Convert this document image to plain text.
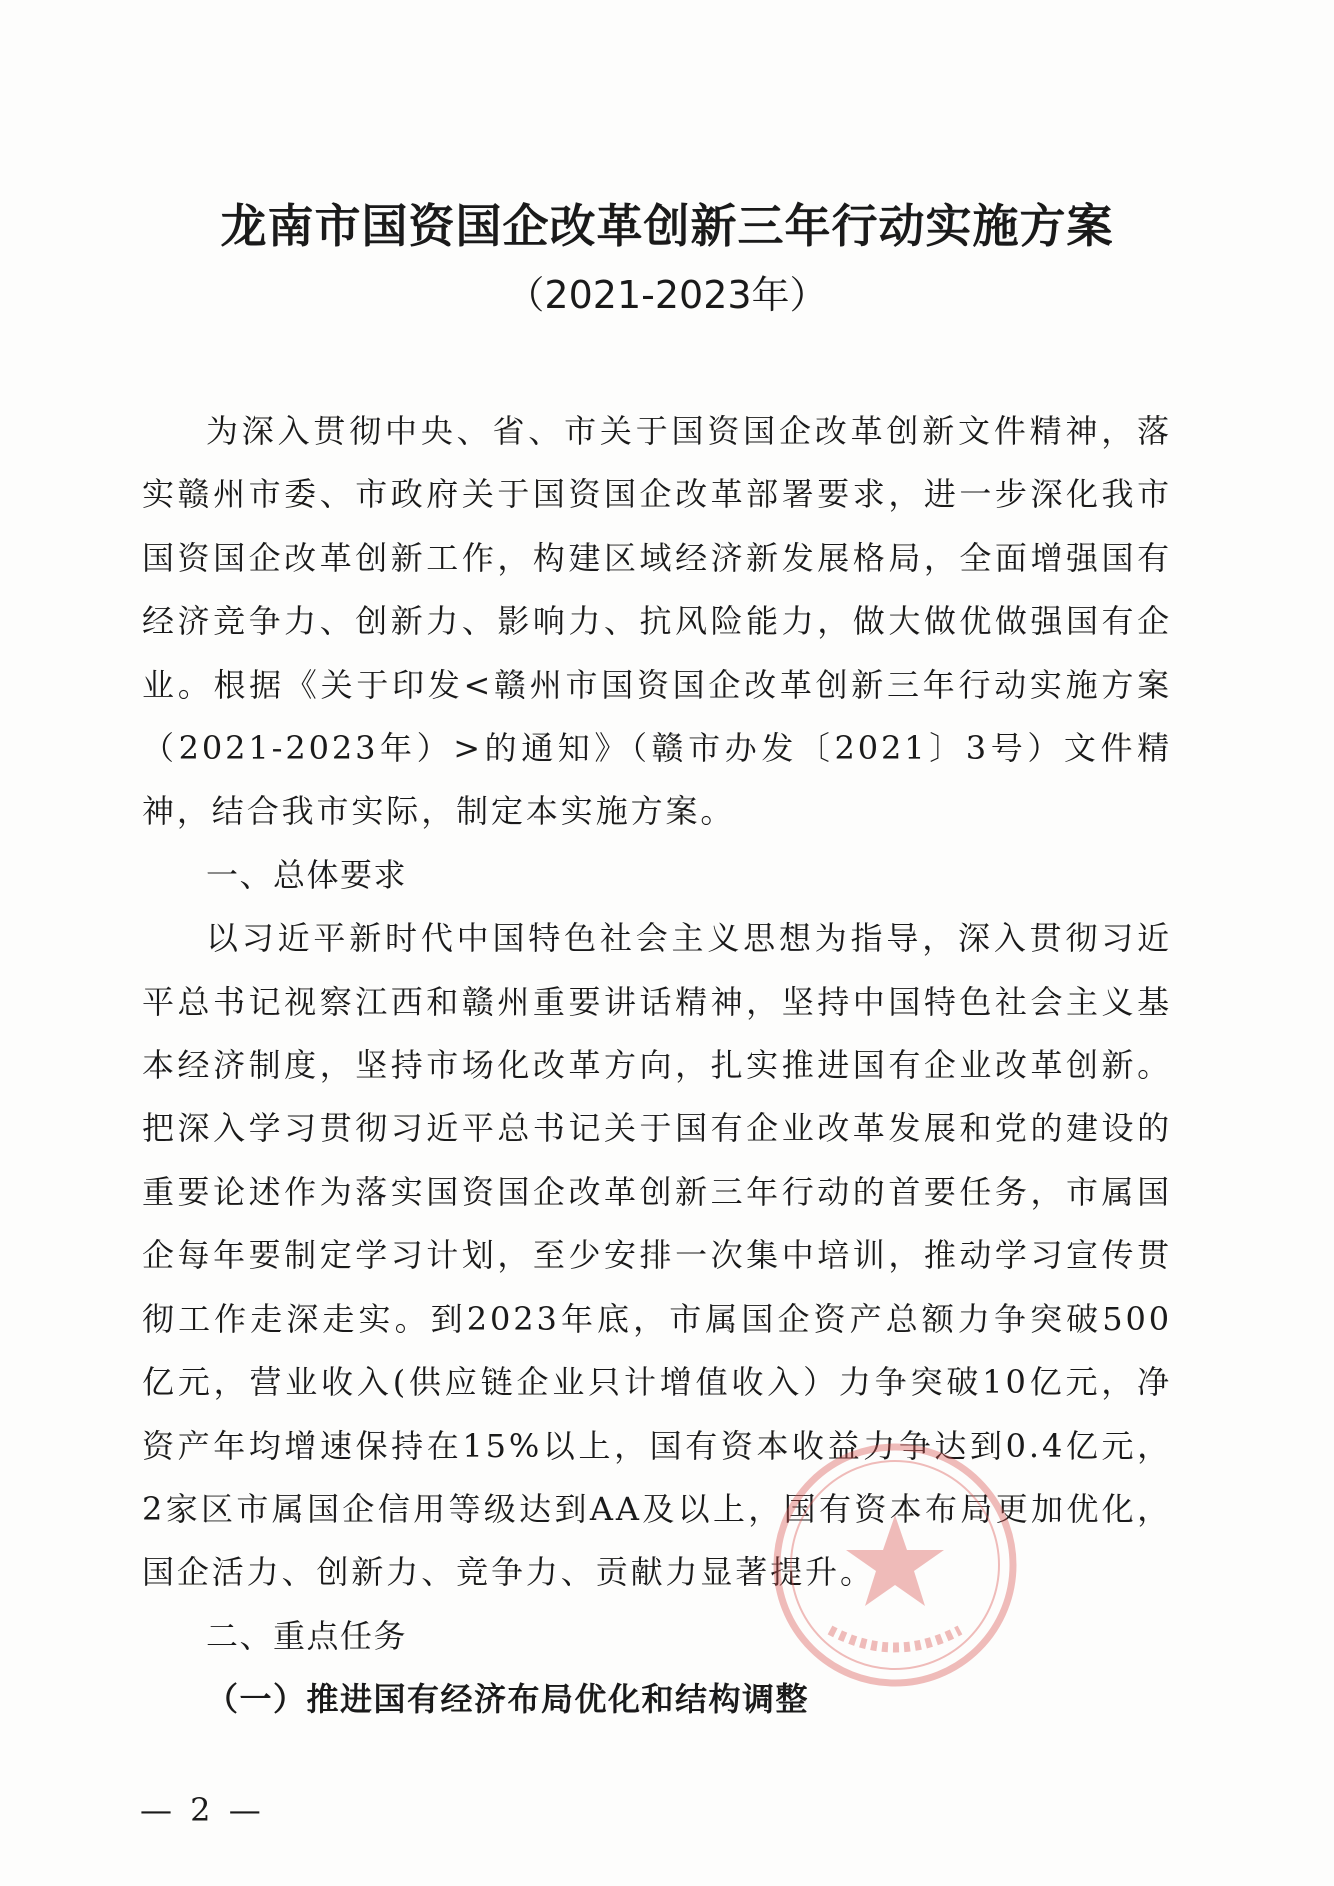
龙南市国资国企改革创新三年行动实施方案
（2021-2023年）

为深入贯彻中央、省、市关于国资国企改革创新文件精神，落实赣州市委、市政府关于国资国企改革部署要求，进一步深化我市国资国企改革创新工作，构建区域经济新发展格局，全面增强国有经济竞争力、创新力、影响力、抗风险能力，做大做优做强国有企业。根据《关于印发<赣州市国资国企改革创新三年行动实施方案（2021-2023年）>的通知》（赣市办发〔2021〕3号）文件精神，结合我市实际，制定本实施方案。

一、总体要求

以习近平新时代中国特色社会主义思想为指导，深入贯彻习近平总书记视察江西和赣州重要讲话精神，坚持中国特色社会主义基本经济制度，坚持市场化改革方向，扎实推进国有企业改革创新。把深入学习贯彻习近平总书记关于国有企业改革发展和党的建设的重要论述作为落实国资国企改革创新三年行动的首要任务，市属国企每年要制定学习计划，至少安排一次集中培训，推动学习宣传贯彻工作走深走实。到2023年底，市属国企资产总额力争突破500亿元，营业收入(供应链企业只计增值收入）力争突破10亿元，净资产年均增速保持在15%以上，国有资本收益力争达到0.4亿元，2家区市属国企信用等级达到AA及以上，国有资本布局更加优化，国企活力、创新力、竞争力、贡献力显著提升。

二、重点任务

（一）推进国有经济布局优化和结构调整

— 2 —
